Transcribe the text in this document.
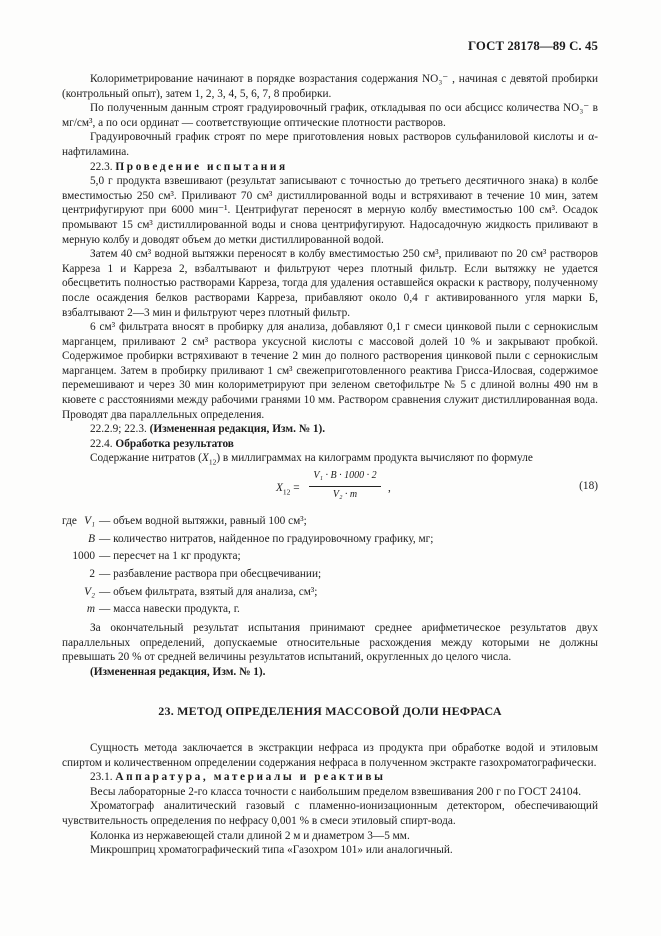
ГОСТ 28178—89 С. 45

Колориметрирование начинают в порядке возрастания содержания NO₃⁻ , начиная с девятой пробирки (контрольный опыт), затем 1, 2, 3, 4, 5, 6, 7, 8 пробирки.

По полученным данным строят градуировочный график, откладывая по оси абсцисс количества NO₃⁻ в мг/см³, а по оси ординат — соответствующие оптические плотности растворов.

Градуировочный график строят по мере приготовления новых растворов сульфаниловой кислоты и α-нафтиламина.

22.3. Проведение испытания

5,0 г продукта взвешивают (результат записывают с точностью до третьего десятичного знака) в колбе вместимостью 250 см³. Приливают 70 см³ дистиллированной воды и встряхивают в течение 10 мин, затем центрифугируют при 6000 мин⁻¹. Центрифугат переносят в мерную колбу вместимостью 100 см³. Осадок промывают 15 см³ дистиллированной воды и снова центрифугируют. Надосадочную жидкость приливают в мерную колбу и доводят объем до метки дистиллированной водой.

Затем 40 см³ водной вытяжки переносят в колбу вместимостью 250 см³, приливают по 20 см³ растворов Карреза 1 и Карреза 2, взбалтывают и фильтруют через плотный фильтр. Если вытяжку не удается обесцветить полностью растворами Карреза, тогда для удаления оставшейся окраски к раствору, полученному после осаждения белков растворами Карреза, прибавляют около 0,4 г активированного угля марки Б, взбалтывают 2—3 мин и фильтруют через плотный фильтр.

6 см³ фильтрата вносят в пробирку для анализа, добавляют 0,1 г смеси цинковой пыли с сернокислым марганцем, приливают 2 см³ раствора уксусной кислоты с массовой долей 10 % и закрывают пробкой. Содержимое пробирки встряхивают в течение 2 мин до полного растворения цинковой пыли с сернокислым марганцем. Затем в пробирку приливают 1 см³ свежеприготовленного реактива Грисса-Илосвая, содержимое перемешивают и через 30 мин колориметрируют при зеленом светофильтре № 5 с длиной волны 490 нм в кювете с расстояниями между рабочими гранями 10 мм. Раствором сравнения служит дистиллированная вода. Проводят два параллельных определения.

22.2.9; 22.3. (Измененная редакция, Изм. № 1).

22.4. Обработка результатов

Содержание нитратов $(X_{12})$ в миллиграммах на килограмм продукта вычисляют по формуле

$X_{12} = \frac{\text{V₁ · B · 1000 · 2}}{\text{V₂ · m}}$ ,	(18)
где V₁ — объем водной вытяжки, равный 100 см³;
B — количество нитратов, найденное по градуировочному графику, мг;
1000 — пересчет на 1 кг продукта;
2 — разбавление раствора при обесцвечивании;
V₂ — объем фильтрата, взятый для анализа, см³;
m — масса навески продукта, г.

За окончательный результат испытания принимают среднее арифметическое результатов двух параллельных определений, допускаемые относительные расхождения между которыми не должны превышать 20 % от средней величины результатов испытаний, округленных до целого числа.

(Измененная редакция, Изм. № 1).

23. МЕТОД ОПРЕДЕЛЕНИЯ МАССОВОЙ ДОЛИ НЕФРАСА

Сущность метода заключается в экстракции нефраса из продукта при обработке водой и этиловым спиртом и количественном определении содержания нефраса в полученном экстракте газохроматографически.

23.1. Аппаратура, материалы и реактивы

Весы лабораторные 2-го класса точности с наибольшим пределом взвешивания 200 г по ГОСТ 24104.

Хроматограф аналитический газовый с пламенно-ионизационным детектором, обеспечивающий чувствительность определения по нефрасу 0,001 % в смеси этиловый спирт-вода.

Колонка из нержавеющей стали длиной 2 м и диаметром 3—5 мм.

Микрошприц хроматографический типа «Газохром 101» или аналогичный.
